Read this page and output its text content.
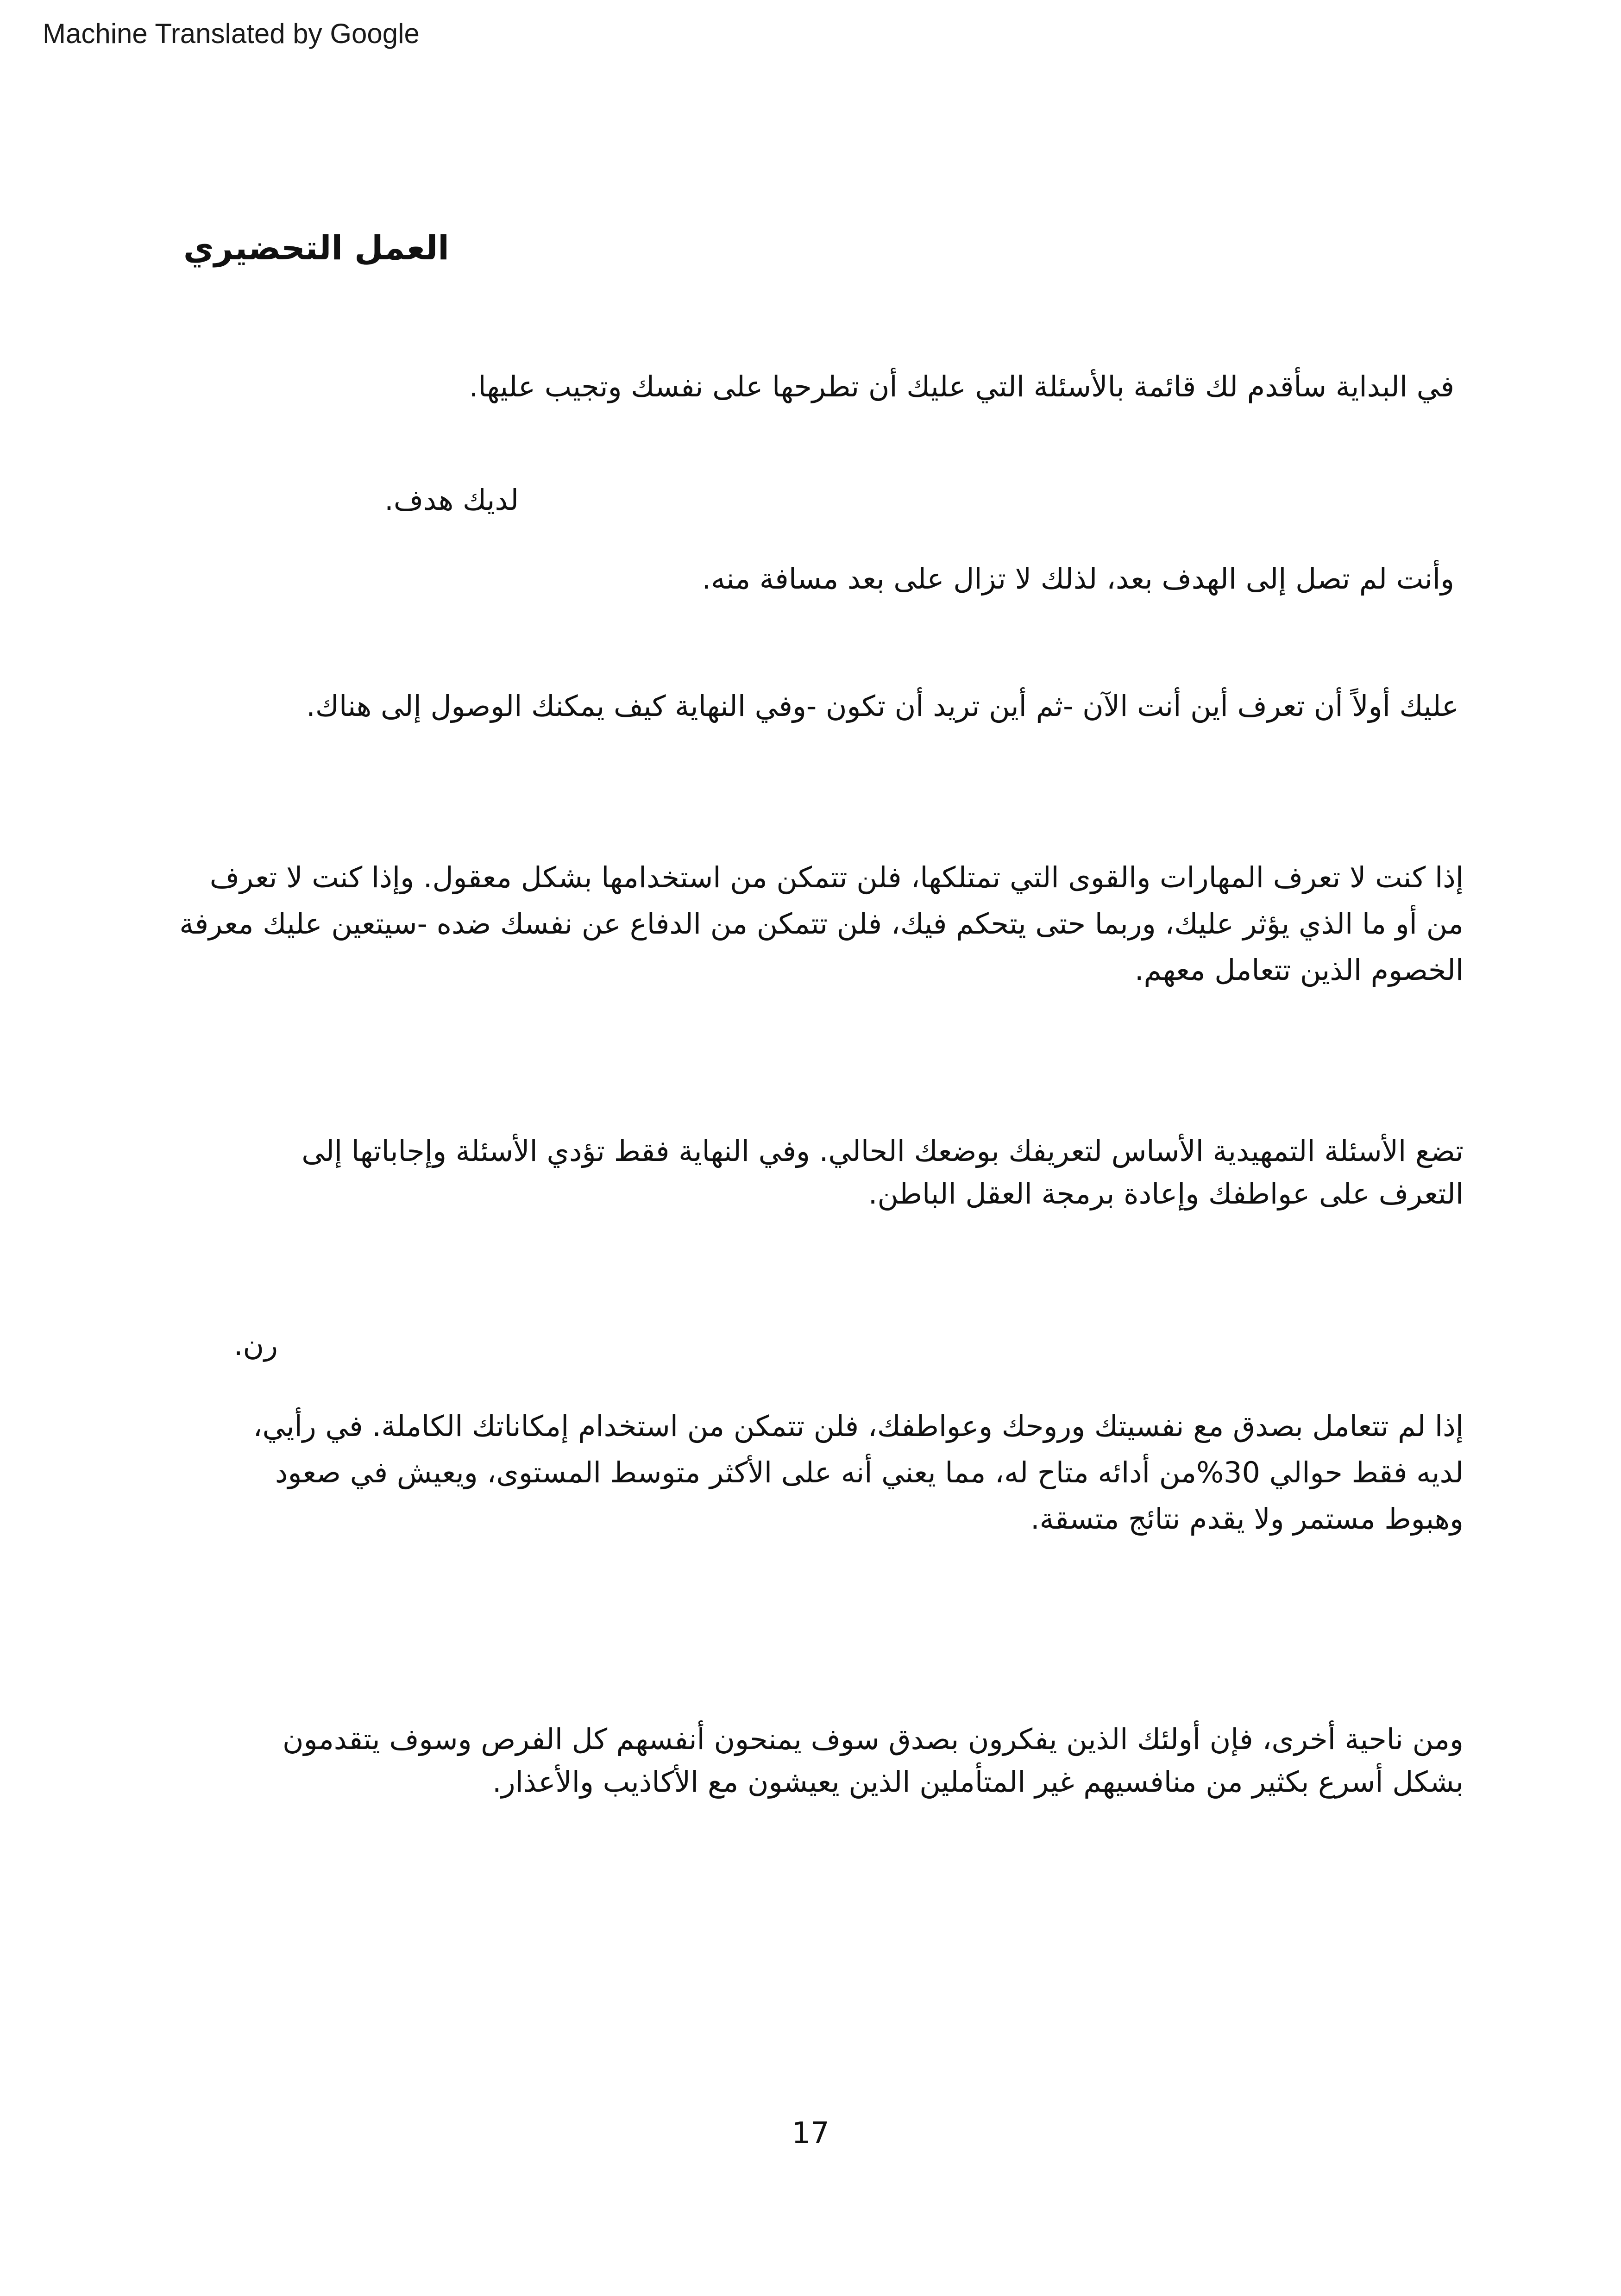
Machine Translated by Google
العمل التحضيري

في البداية سأقدم لك قائمة بالأسئلة التي عليك أن تطرحها على نفسك وتجيب عليها.

لديك هدف.

وأنت لم تصل إلى الهدف بعد، لذلك لا تزال على بعد مسافة منه.

عليك أولاً أن تعرف أين أنت الآن -ثم أين تريد أن تكون -وفي النهاية كيف يمكنك الوصول إلى هناك.

إذا كنت لا تعرف المهارات والقوى التي تمتلكها، فلن تتمكن من استخدامها بشكل معقول. وإذا كنت لا تعرف من أو ما الذي يؤثر عليك، وربما حتى يتحكم فيك، فلن تتمكن من الدفاع عن نفسك ضده -سيتعين عليك معرفة الخصوم الذين تتعامل معهم.

تضع الأسئلة التمهيدية الأساس لتعريفك بوضعك الحالي. وفي النهاية فقط تؤدي الأسئلة وإجاباتها إلى التعرف على عواطفك وإعادة برمجة العقل الباطن.

رن.

إذا لم تتعامل بصدق مع نفسيتك وروحك وعواطفك، فلن تتمكن من استخدام إمكاناتك الكاملة. في رأيي، لديه فقط حوالي 30%من أدائه متاح له، مما يعني أنه على الأكثر متوسط المستوى، ويعيش في صعود وهبوط مستمر ولا يقدم نتائج متسقة.

ومن ناحية أخرى، فإن أولئك الذين يفكرون بصدق سوف يمنحون أنفسهم كل الفرص وسوف يتقدمون بشكل أسرع بكثير من منافسيهم غير المتأملين الذين يعيشون مع الأكاذيب والأعذار.

17
